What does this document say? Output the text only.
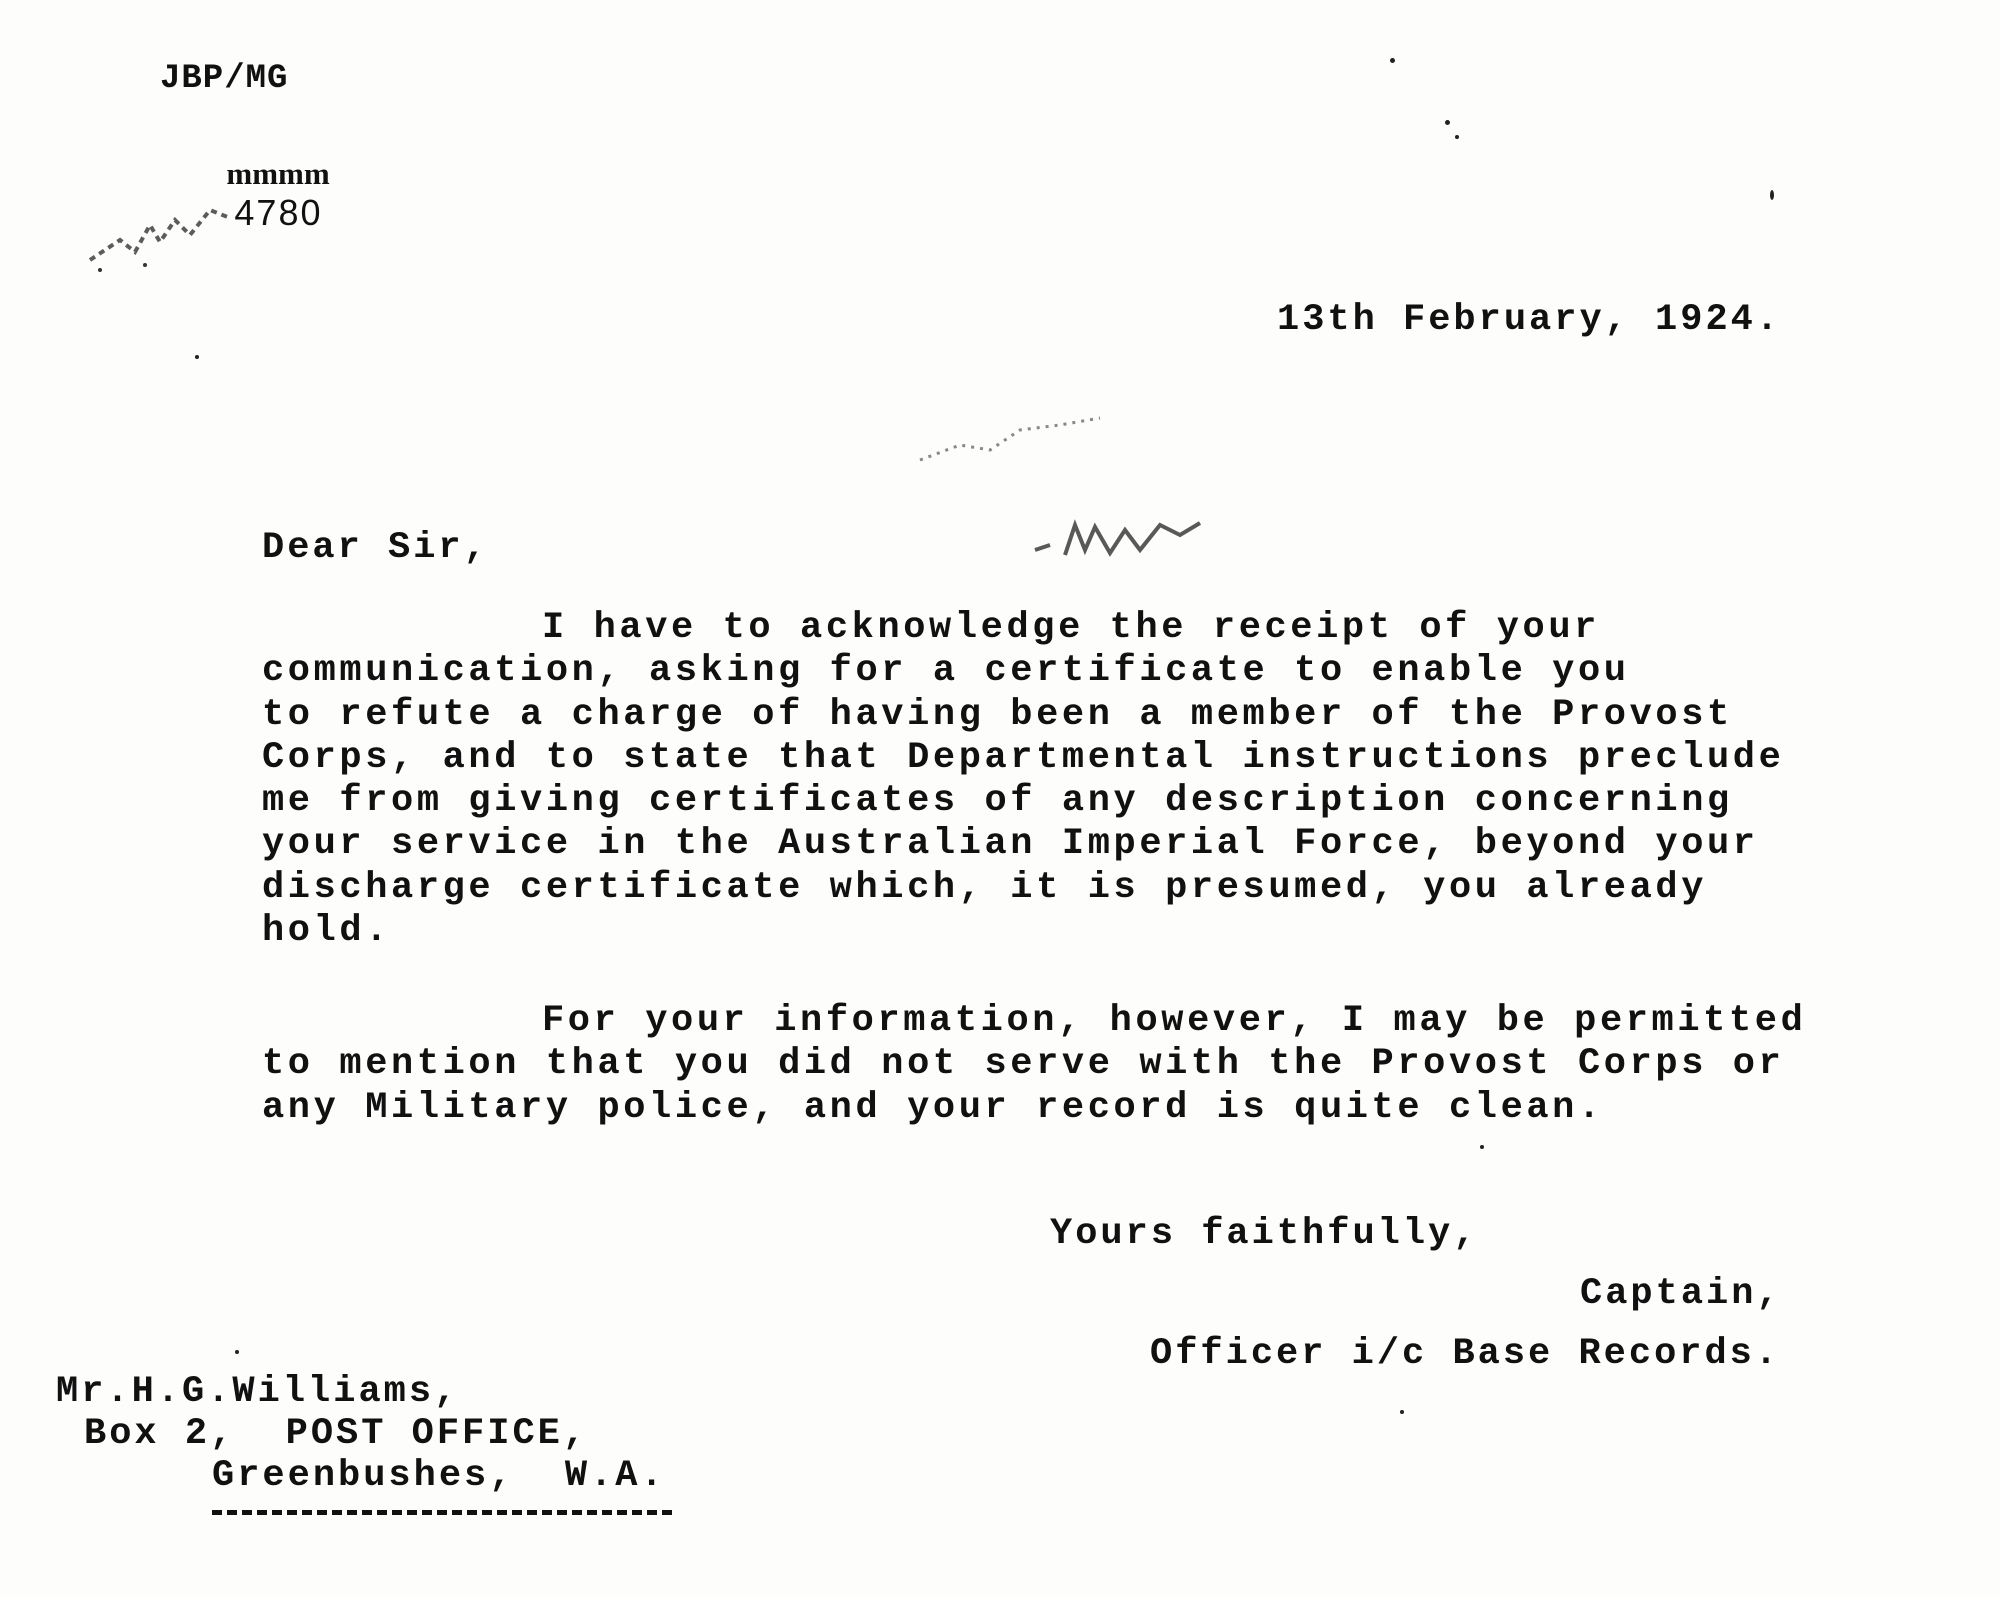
JBP/MG

mmmm
4780

13th February, 1924.
Dear Sir,
I have to acknowledge the receipt of your
communication, asking for a certificate to enable you
to refute a charge of having been a member of the Provost
Corps, and to state that Departmental instructions preclude
me from giving certificates of any description concerning
your service in the Australian Imperial Force, beyond your
discharge certificate which, it is presumed, you already
hold.
For your information, however, I may be permitted
to mention that you did not serve with the Provost Corps or
any Military police, and your record is quite clean.
Yours faithfully,
Captain,
Officer i/c Base Records.
Mr.H.G.Williams,
Box 2,  POST OFFICE,
Greenbushes,  W.A.
